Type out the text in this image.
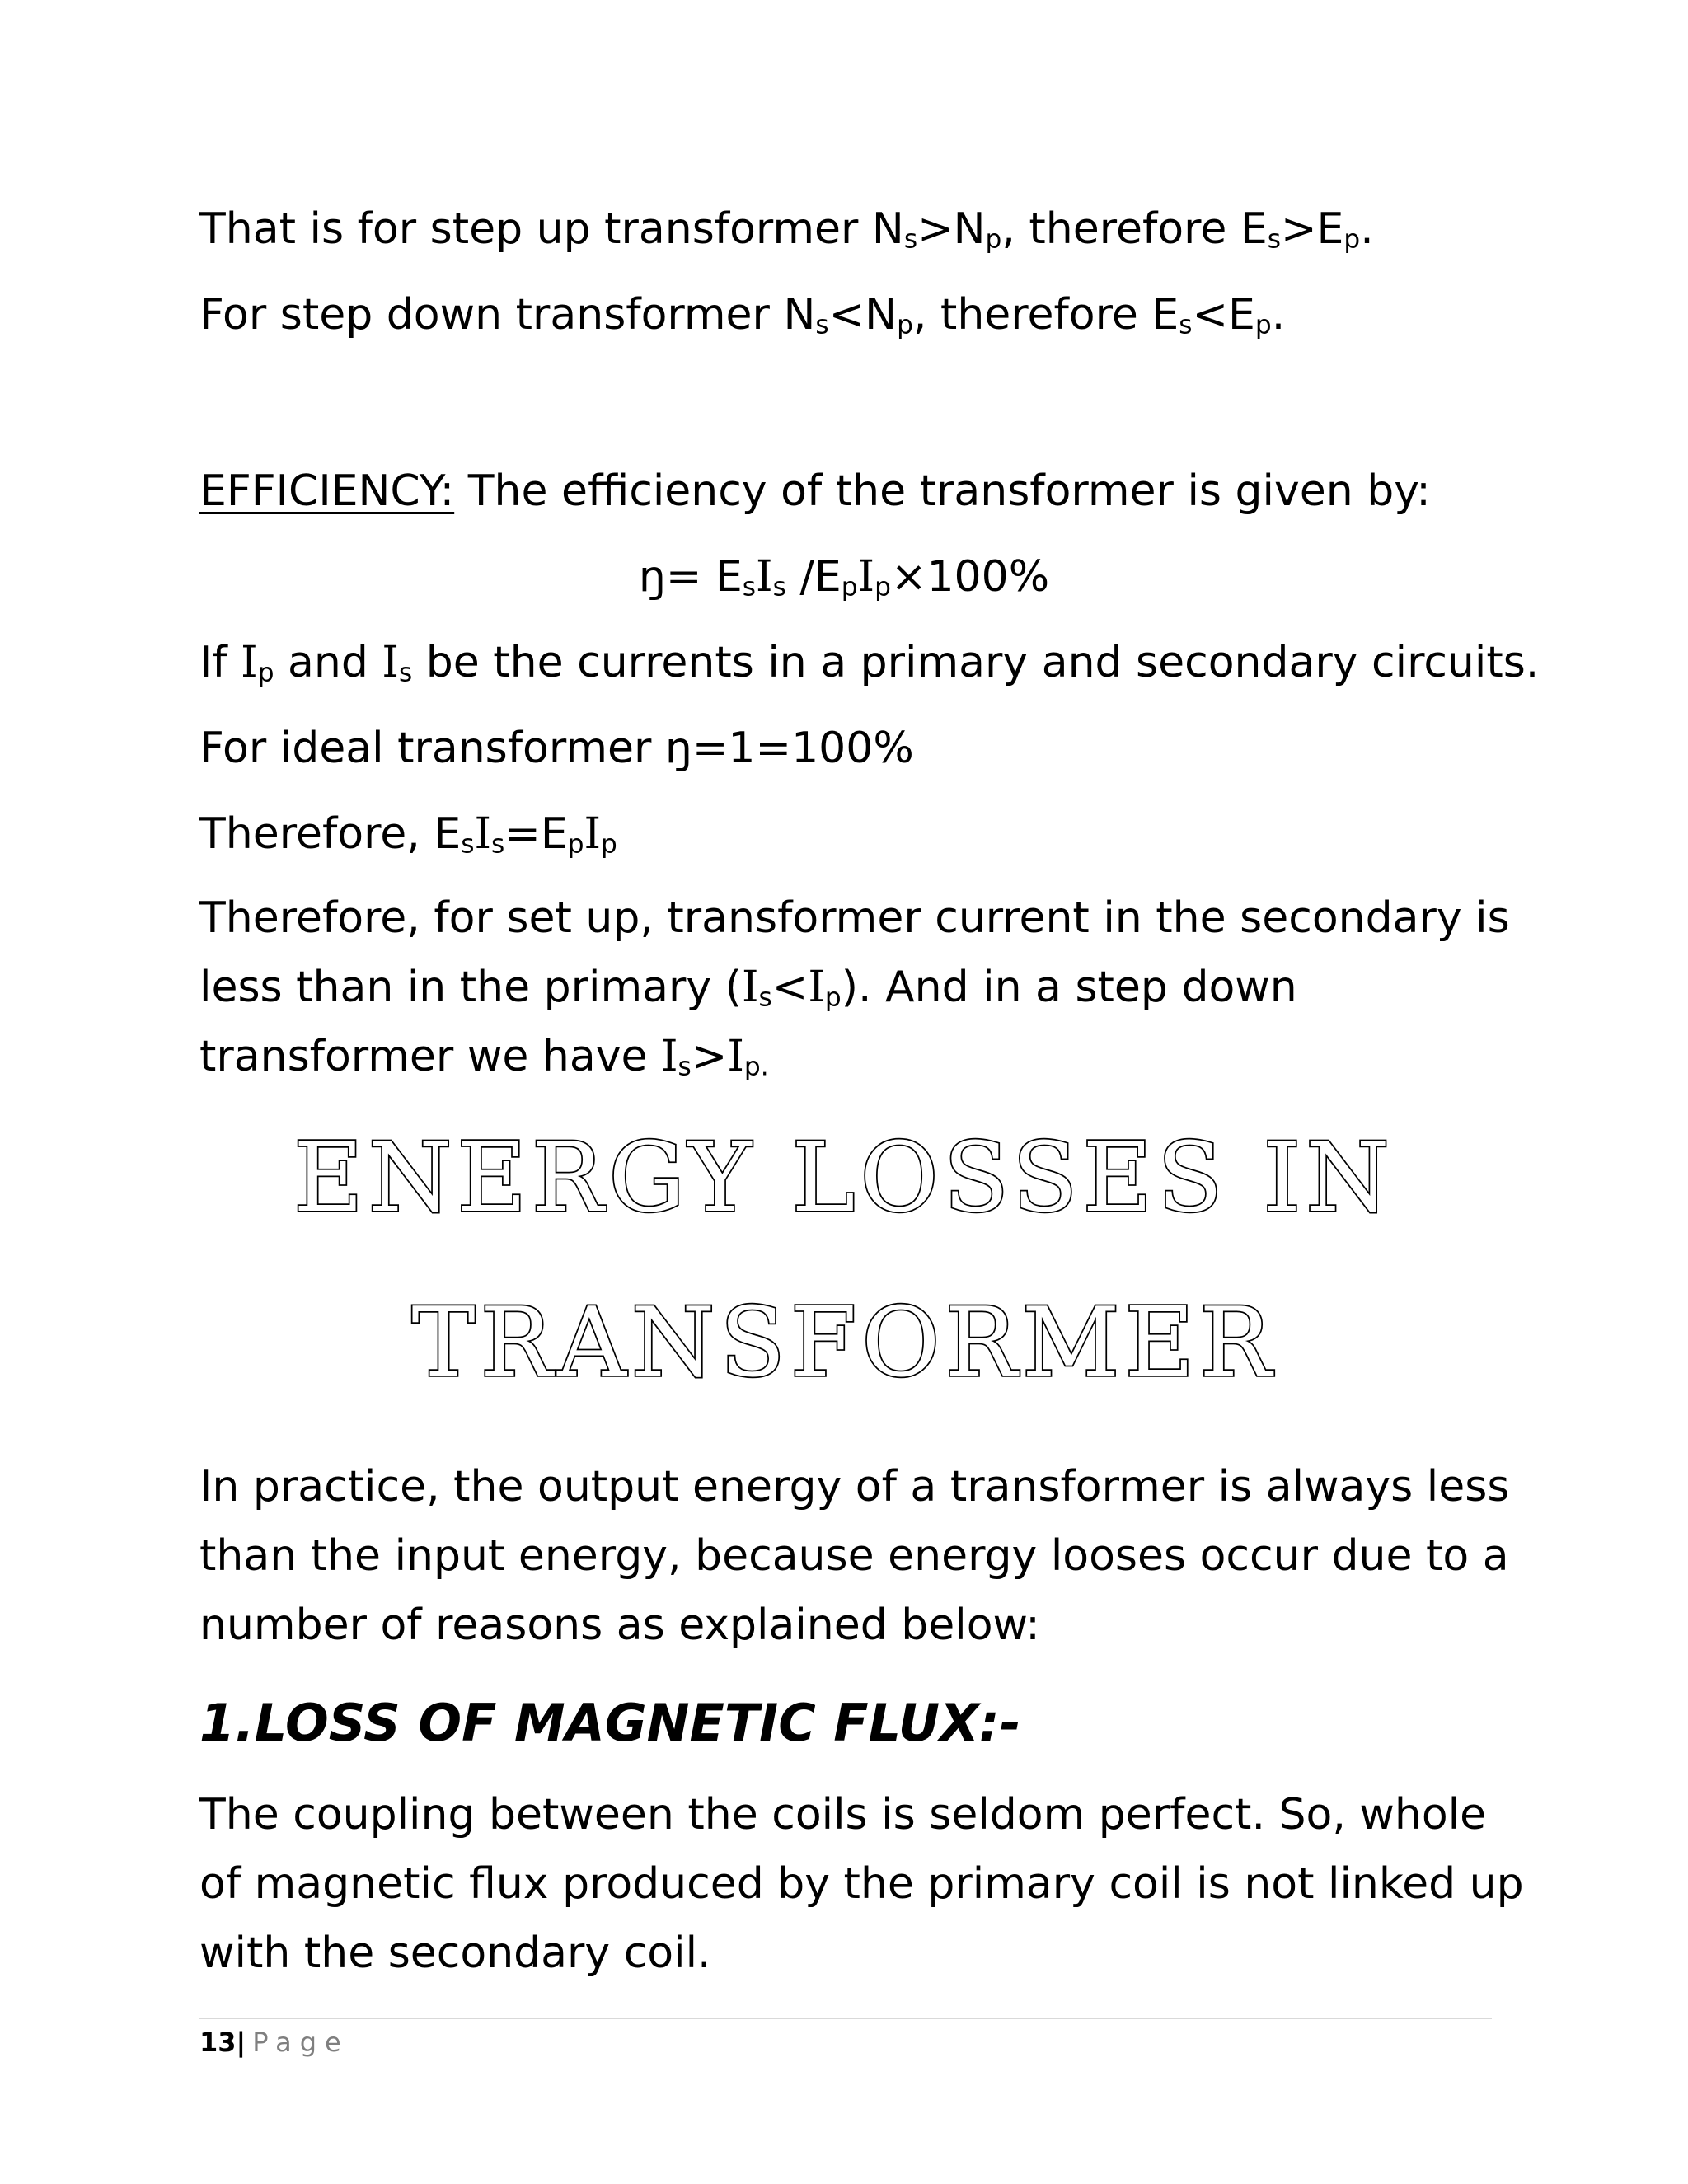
That is for step up transformer $N_s>N_p$, therefore $E_s>E_p$.
For step down transformer $N_s<N_p$, therefore $E_s<E_p$.
EFFICIENCY: The efficiency of the transformer is given by:
ŋ= $E_sI_s$ $/E_pI_p\times 100\%$
If $I_p$ and $I_s$ be the currents in a primary and secondary circuits.
For ideal transformer ŋ=1=100%
Therefore, $E_sI_s=E_pI_p$
Therefore, for set up, transformer current in the secondary is
less than in the primary $(I_s<I_p)$. And in a step down
transformer we have $I_s>I_{p.}$
ENERGY LOSSES IN
TRANSFORMER
In practice, the output energy of a transformer is always less
than the input energy, because energy looses occur due to a
number of reasons as explained below:
1.LOSS OF MAGNETIC FLUX:-
The coupling between the coils is seldom perfect. So, whole
of magnetic flux produced by the primary coil is not linked up
with the secondary coil.
13| Page
